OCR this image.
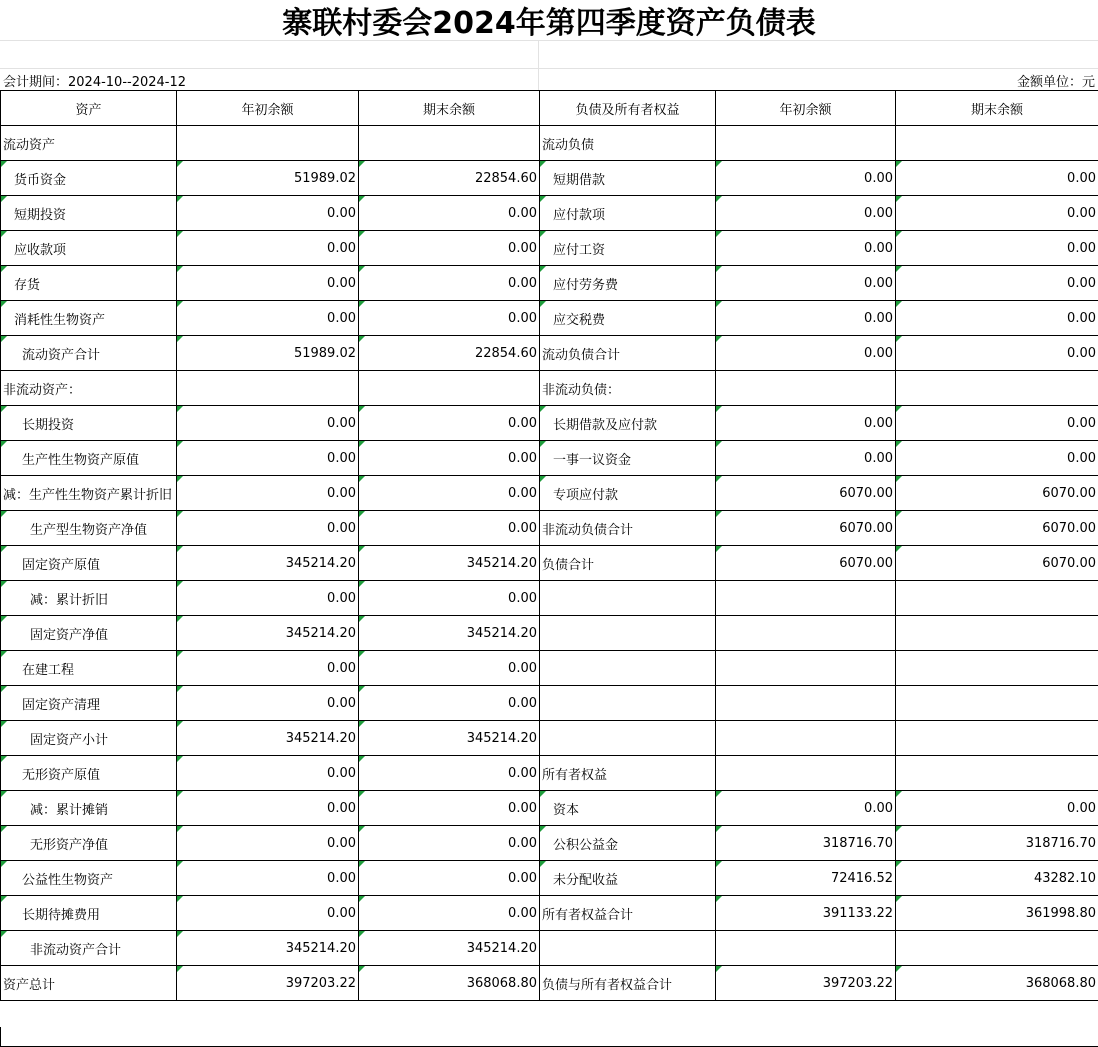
寨联村委会2024年第四季度资产负债表
会计期间：2024-10--2024-12	金额单位：元
资产	年初余额	期末余额	负债及所有者权益	年初余额	期末余额
流动资产			流动负债		
货币资金	51989.02	22854.60	短期借款	0.00	0.00
短期投资	0.00	0.00	应付款项	0.00	0.00
应收款项	0.00	0.00	应付工资	0.00	0.00
存货	0.00	0.00	应付劳务费	0.00	0.00
消耗性生物资产	0.00	0.00	应交税费	0.00	0.00
流动资产合计	51989.02	22854.60	流动负债合计	0.00	0.00
非流动资产：			非流动负债：		
长期投资	0.00	0.00	长期借款及应付款	0.00	0.00
生产性生物资产原值	0.00	0.00	一事一议资金	0.00	0.00
减：生产性生物资产累计折旧	0.00	0.00	专项应付款	6070.00	6070.00
生产型生物资产净值	0.00	0.00	非流动负债合计	6070.00	6070.00
固定资产原值	345214.20	345214.20	负债合计	6070.00	6070.00
减：累计折旧	0.00	0.00			
固定资产净值	345214.20	345214.20			
在建工程	0.00	0.00			
固定资产清理	0.00	0.00			
固定资产小计	345214.20	345214.20			
无形资产原值	0.00	0.00	所有者权益		
减：累计摊销	0.00	0.00	资本	0.00	0.00
无形资产净值	0.00	0.00	公积公益金	318716.70	318716.70
公益性生物资产	0.00	0.00	未分配收益	72416.52	43282.10
长期待摊费用	0.00	0.00	所有者权益合计	391133.22	361998.80
非流动资产合计	345214.20	345214.20			
资产总计	397203.22	368068.80	负债与所有者权益合计	397203.22	368068.80
